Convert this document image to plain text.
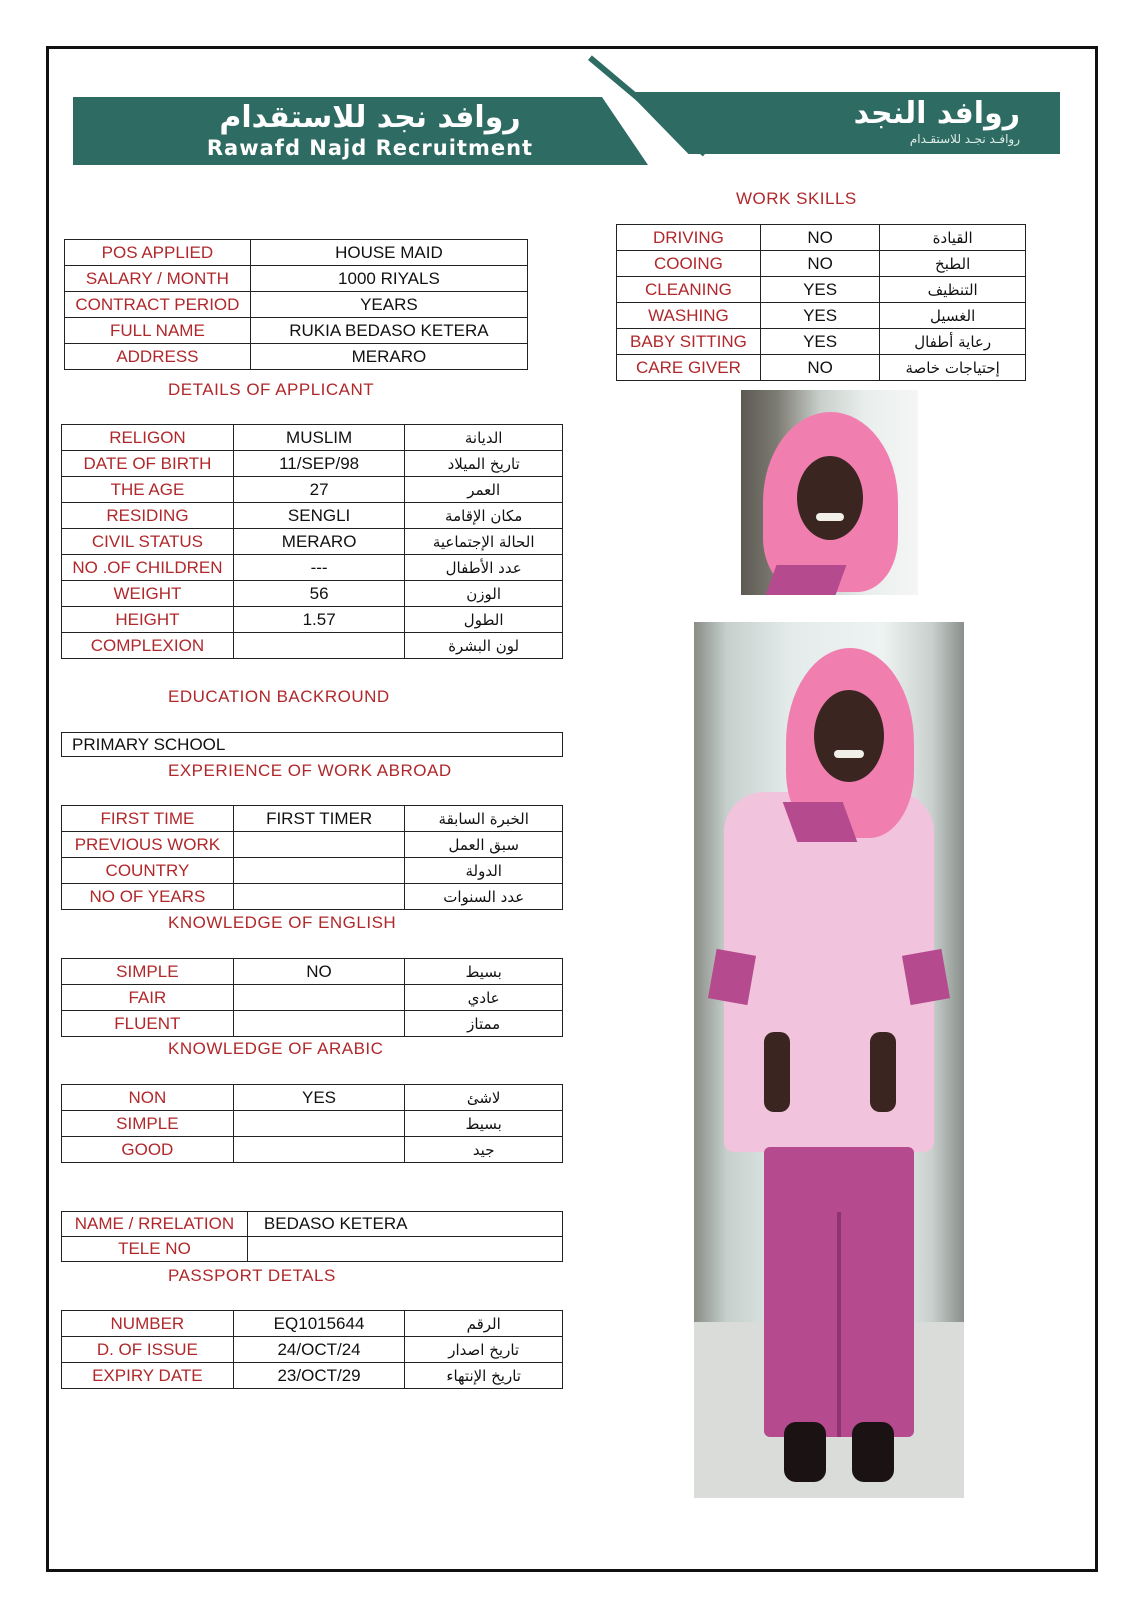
روافد نجد للاستقدام
Rawafd Najd Recruitment
روافد النجد
روافـد نجـد للاستقـدام
WORK SKILLS
DRIVING	NO	القيادة
COOING	NO	الطبخ
CLEANING	YES	التنظيف
WASHING	YES	الغسيل
BABY SITTING	YES	رعاية أطفال
CARE GIVER	NO	إحتياجات خاصة
POS APPLIED	HOUSE MAID
SALARY / MONTH	1000 RIYALS
CONTRACT PERIOD	YEARS
FULL NAME	RUKIA BEDASO KETERA
ADDRESS	MERARO
DETAILS OF APPLICANT
RELIGON	MUSLIM	الديانة
DATE OF BIRTH	11/SEP/98	تاريخ الميلاد
THE AGE	27	العمر
RESIDING	SENGLI	مكان الإقامة
CIVIL STATUS	MERARO	الحالة الإجتماعية
NO .OF CHILDREN	---	عدد الأطفال
WEIGHT	56	الوزن
HEIGHT	1.57	الطول
COMPLEXION		لون البشرة
EDUCATION BACKROUND
PRIMARY SCHOOL
EXPERIENCE OF WORK ABROAD
FIRST TIME	FIRST TIMER	الخبرة السابقة
PREVIOUS WORK		سبق العمل
COUNTRY		الدولة
NO OF YEARS		عدد السنوات
KNOWLEDGE OF ENGLISH
SIMPLE	NO	بسيط
FAIR		عادي
FLUENT		ممتاز
KNOWLEDGE OF ARABIC
NON	YES	لاشئ
SIMPLE		بسيط
GOOD		جيد
NAME / RRELATION	BEDASO KETERA
TELE NO	
PASSPORT DETALS
NUMBER	EQ1015644	الرقم
D. OF ISSUE	24/OCT/24	تاريخ اصدار
EXPIRY DATE	23/OCT/29	تاريخ الإنتهاء
